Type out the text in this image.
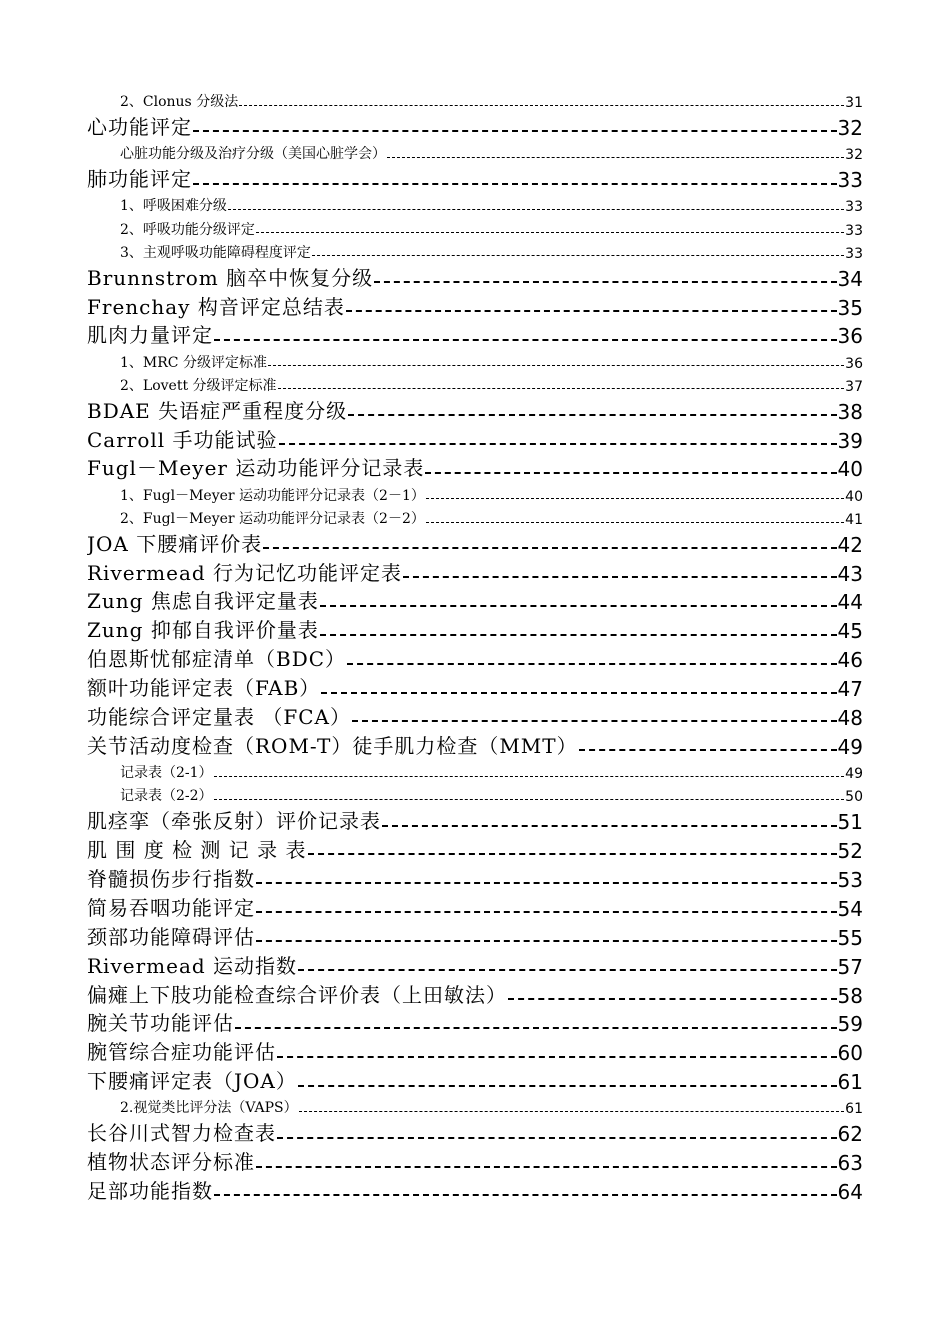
2、Clonus 分级法	31
心功能评定	32
心脏功能分级及治疗分级（美国心脏学会）	32
肺功能评定	33
1、呼吸困难分级	33
2、呼吸功能分级评定	33
3、主观呼吸功能障碍程度评定	33
Brunnstrom 脑卒中恢复分级	34
Frenchay 构音评定总结表	35
肌肉力量评定	36
1、MRC 分级评定标准	36
2、Lovett 分级评定标准	37
BDAE 失语症严重程度分级	38
Carroll 手功能试验	39
Fugl－Meyer 运动功能评分记录表	40
1、Fugl－Meyer 运动功能评分记录表（2－1）	40
2、Fugl－Meyer 运动功能评分记录表（2－2）	41
JOA 下腰痛评价表	42
Rivermead 行为记忆功能评定表	43
Zung 焦虑自我评定量表	44
Zung 抑郁自我评价量表	45
伯恩斯忧郁症清单（BDC）	46
额叶功能评定表（FAB）	47
功能综合评定量表 （FCA）	48
关节活动度检查（ROM-T）徒手肌力检查（MMT）	49
记录表（2-1）	49
记录表（2-2）	50
肌痉挛（牵张反射）评价记录表	51
肌 围 度 检 测 记 录 表	52
脊髓损伤步行指数	53
简易吞咽功能评定	54
颈部功能障碍评估	55
Rivermead 运动指数	57
偏瘫上下肢功能检查综合评价表（上田敏法）	58
腕关节功能评估	59
腕管综合症功能评估	60
下腰痛评定表（JOA）	61
2.视觉类比评分法（VAPS）	61
长谷川式智力检查表	62
植物状态评分标准	63
足部功能指数	64
